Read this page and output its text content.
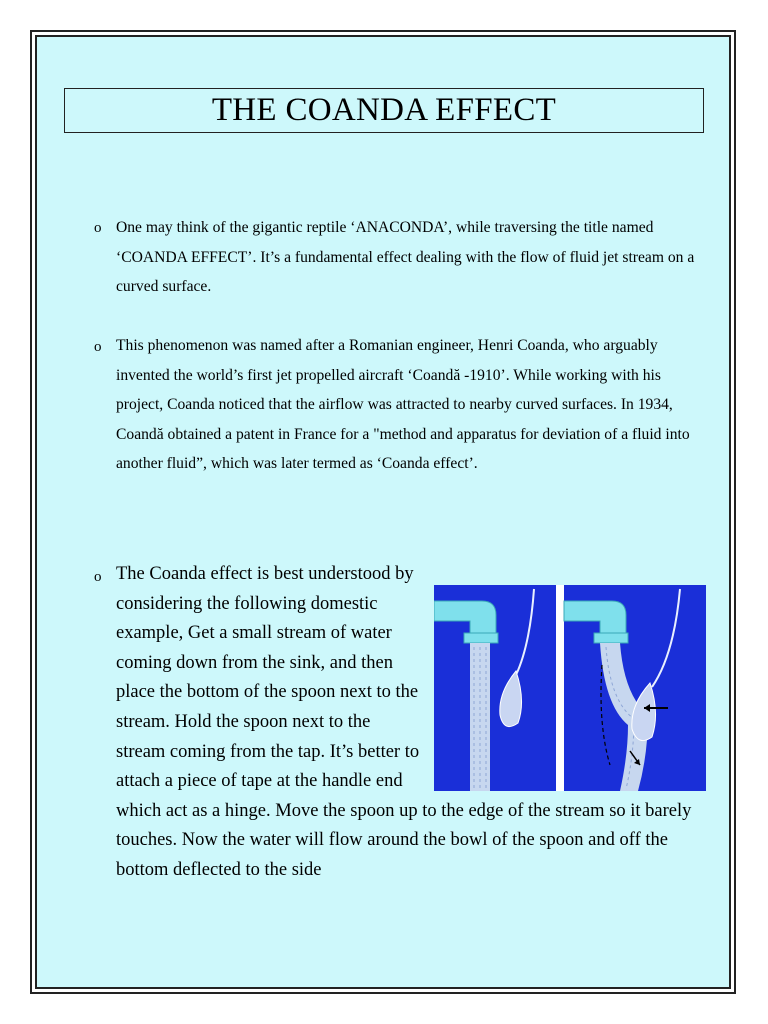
THE COANDA EFFECT
o One may think of the gigantic reptile ‘ANACONDA’, while traversing the title named ‘COANDA EFFECT’. It’s a fundamental effect dealing with the flow of fluid jet stream on a curved surface.
o This phenomenon was named after a Romanian engineer, Henri Coanda, who arguably invented the world’s first jet propelled aircraft ‘Coandă -1910’. While working with his project, Coanda noticed that the airflow was attracted to nearby curved surfaces. In 1934, Coandă obtained a patent in France for a "method and apparatus for deviation of a fluid into another fluid”, which was later termed as ‘Coanda effect’.
o The Coanda effect is best understood by considering the following domestic example, Get a small stream of water coming down from the sink, and then place the bottom of the spoon next to the stream. Hold the spoon next to the stream coming from the tap. It’s better to attach a piece of tape at the handle end which act as a hinge. Move the spoon up to the edge of the stream so it barely touches. Now the water will flow around the bowl of the spoon and off the bottom deflected to the side
